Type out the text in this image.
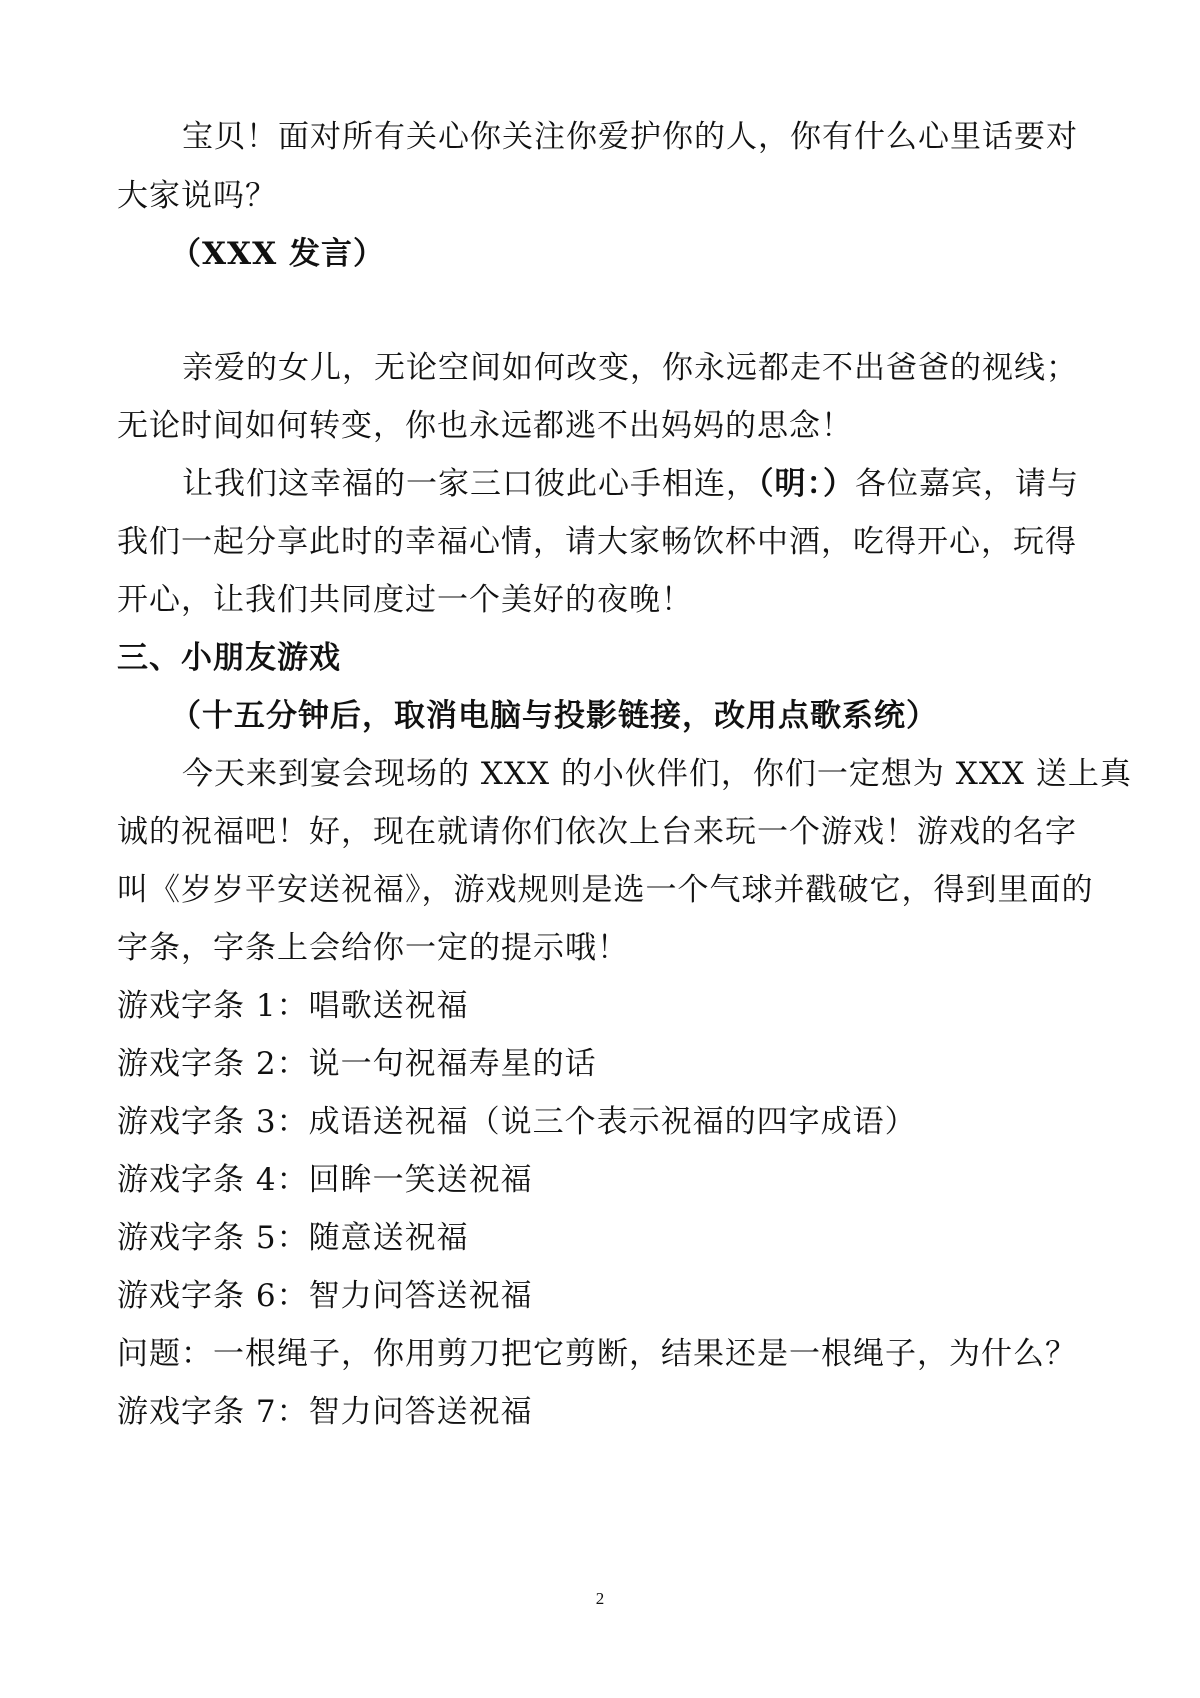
宝贝！面对所有关心你关注你爱护你的人，你有什么心里话要对
大家说吗？
（XXX 发言）
亲爱的女儿，无论空间如何改变，你永远都走不出爸爸的视线；
无论时间如何转变，你也永远都逃不出妈妈的思念！
让我们这幸福的一家三口彼此心手相连，（明：）各位嘉宾，请与
我们一起分享此时的幸福心情，请大家畅饮杯中酒，吃得开心，玩得
开心，让我们共同度过一个美好的夜晚！
三、小朋友游戏
（十五分钟后，取消电脑与投影链接，改用点歌系统）
今天来到宴会现场的 XXX 的小伙伴们，你们一定想为 XXX 送上真
诚的祝福吧！好，现在就请你们依次上台来玩一个游戏！游戏的名字
叫《岁岁平安送祝福》，游戏规则是选一个气球并戳破它，得到里面的
字条，字条上会给你一定的提示哦！
游戏字条 1：唱歌送祝福
游戏字条 2：说一句祝福寿星的话
游戏字条 3：成语送祝福（说三个表示祝福的四字成语）
游戏字条 4：回眸一笑送祝福
游戏字条 5：随意送祝福
游戏字条 6：智力问答送祝福
问题：一根绳子，你用剪刀把它剪断，结果还是一根绳子，为什么？
游戏字条 7：智力问答送祝福
2
